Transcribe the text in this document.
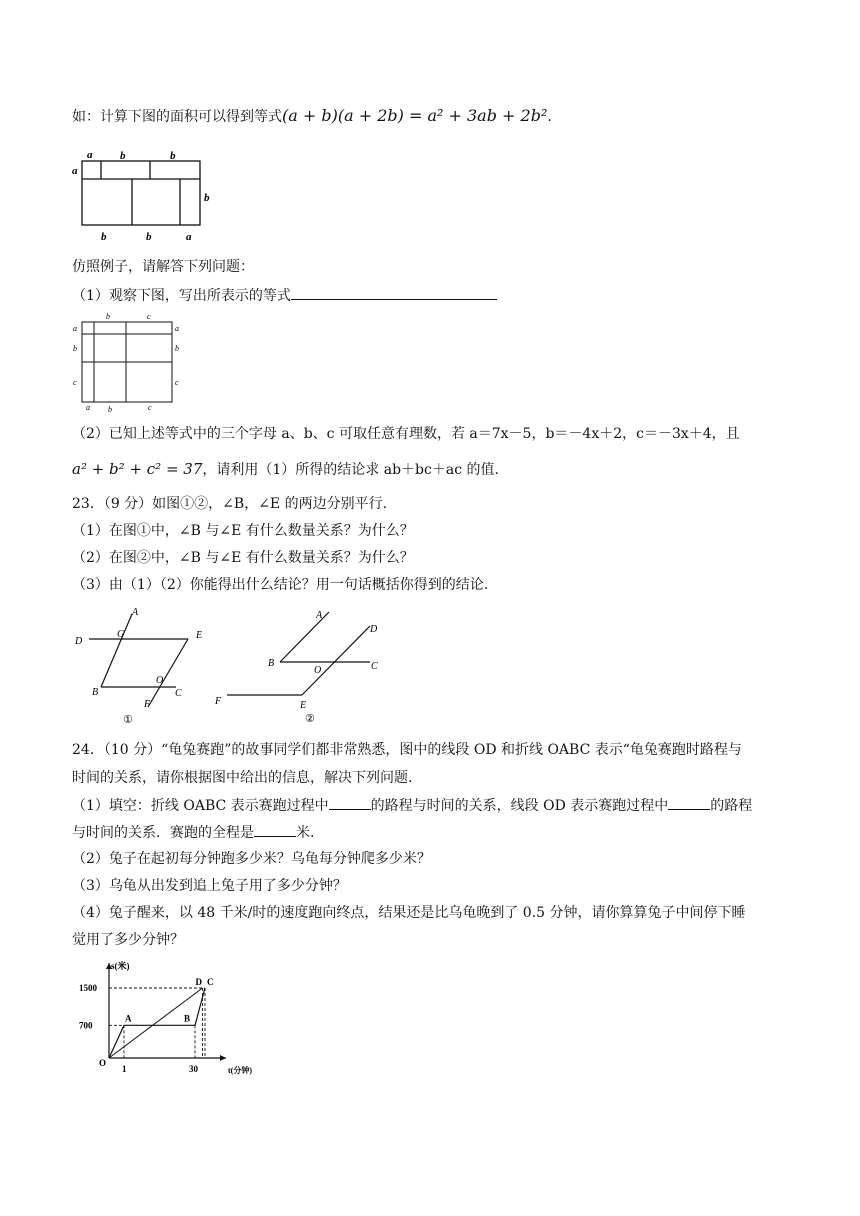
如：计算下图的面积可以得到等式(a + b)(a + 2b) = a² + 3ab + 2b².
a	b	b
a
b
b	b	a
仿照例子，请解答下列问题：
（1）观察下图，写出所表示的等式
b	c
a
b
c
a
b
c
a b	c
（2）已知上述等式中的三个字母 a、b、c 可取任意有理数，若 a＝7x－5，b＝－4x＋2，c＝－3x＋4，且
a² + b² + c² = 37，请利用（1）所得的结论求 ab＋bc＋ac 的值.
23．（9 分）如图①②，∠B，∠E 的两边分别平行.
（1）在图①中，∠B 与∠E 有什么数量关系？为什么？
（2）在图②中，∠B 与∠E 有什么数量关系？为什么？
（3）由（1）（2）你能得出什么结论？用一句话概括你得到的结论.
A
G
D
E
B
O
C
F
①
A
D
B
O	C
F	E
②
24．（10 分）“龟兔赛跑”的故事同学们都非常熟悉，图中的线段 OD 和折线 OABC 表示“龟兔赛跑时路程与
时间的关系，请你根据图中给出的信息，解决下列问题.
（1）填空：折线 OABC 表示赛跑过程中	的路程与时间的关系，线段 OD 表示赛跑过程中	的路程
与时间的关系．赛跑的全程是	米.
（2）兔子在起初每分钟跑多少米？乌龟每分钟爬多少米？
（3）乌龟从出发到追上兔子用了多少分钟？
（4）兔子醒来，以 48 千米/时的速度跑向终点，结果还是比乌龟晚到了 0.5 分钟，请你算算兔子中间停下睡
觉用了多少分钟？
s(米)
t(分钟)
O
1500
700
1	30
A	B
D C
